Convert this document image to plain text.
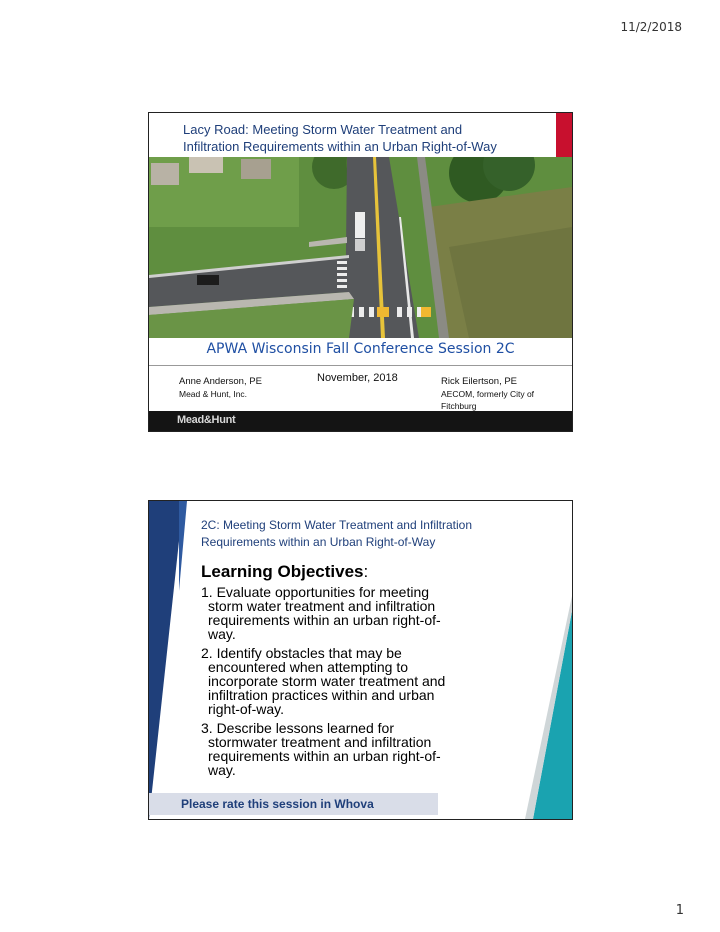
11/2/2018
Lacy Road: Meeting Storm Water Treatment and
Infiltration Requirements within an Urban Right-of-Way
APWA Wisconsin Fall Conference Session 2C
Anne Anderson, PE
Mead & Hunt, Inc.
November, 2018	Rick Eilertson, PE
AECOM, formerly City of
Fitchburg
Mead&Hunt
2C: Meeting Storm Water Treatment and Infiltration
Requirements within an Urban Right-of-Way
Learning Objectives:
1. Evaluate opportunities for meeting
storm water treatment and infiltration
requirements within an urban right-of-
way.
2. Identify obstacles that may be
encountered when attempting to
incorporate storm water treatment and
infiltration practices within and urban
right-of-way.
3. Describe lessons learned for
stormwater treatment and infiltration
requirements within an urban right-of-
way.
Please rate this session in Whova
1
